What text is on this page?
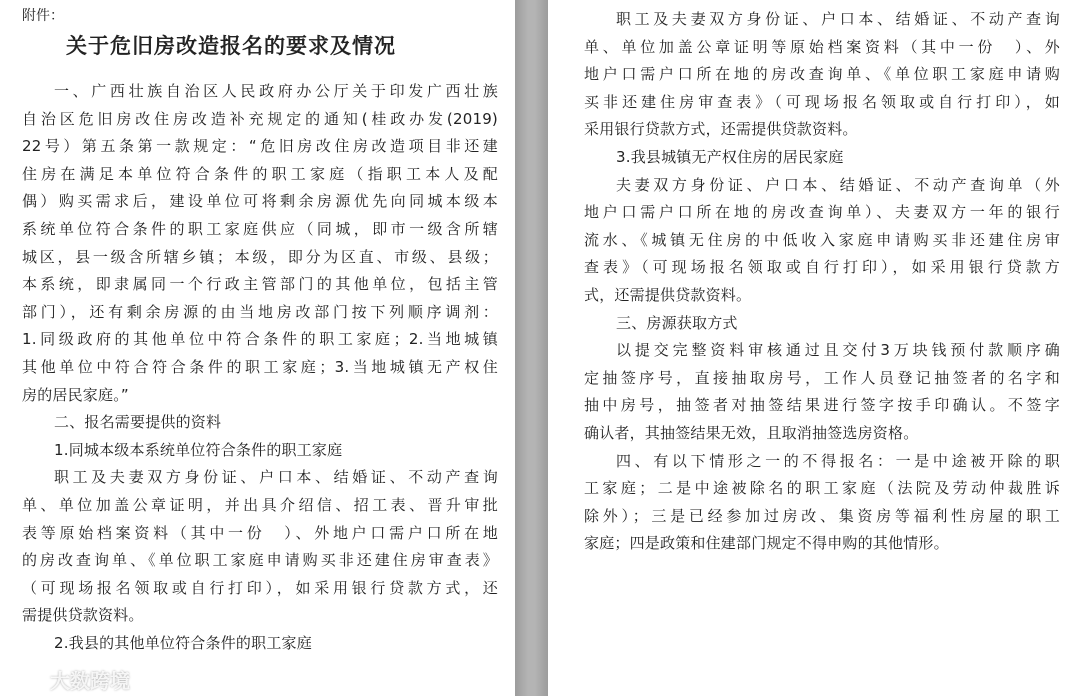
附件：
关于危旧房改造报名的要求及情况
一、广西壮族自治区人民政府办公厅关于印发广西壮族
自治区危旧房改住房改造补充规定的通知(桂政办发(2019)
22号）第五条第一款规定：“危旧房改住房改造项目非还建
住房在满足本单位符合条件的职工家庭（指职工本人及配
偶）购买需求后，建设单位可将剩余房源优先向同城本级本
系统单位符合条件的职工家庭供应（同城，即市一级含所辖
城区，县一级含所辖乡镇；本级，即分为区直、市级、县级；
本系统，即隶属同一个行政主管部门的其他单位，包括主管
部门），还有剩余房源的由当地房改部门按下列顺序调剂：
1.同级政府的其他单位中符合条件的职工家庭；2.当地城镇
其他单位中符合符合条件的职工家庭；3.当地城镇无产权住
房的居民家庭。”
二、报名需要提供的资料
1.同城本级本系统单位符合条件的职工家庭
职工及夫妻双方身份证、户口本、结婚证、不动产查询
单、单位加盖公章证明，并出具介绍信、招工表、晋升审批
表等原始档案资料（其中一份　）、外地户口需户口所在地
的房改查询单、《单位职工家庭申请购买非还建住房审查表》
（可现场报名领取或自行打印），如采用银行贷款方式，还
需提供贷款资料。
2.我县的其他单位符合条件的职工家庭
职工及夫妻双方身份证、户口本、结婚证、不动产查询
单、单位加盖公章证明等原始档案资料（其中一份　）、外
地户口需户口所在地的房改查询单、《单位职工家庭申请购
买非还建住房审查表》（可现场报名领取或自行打印），如
采用银行贷款方式，还需提供贷款资料。
3.我县城镇无产权住房的居民家庭
夫妻双方身份证、户口本、结婚证、不动产查询单（外
地户口需户口所在地的房改查询单）、夫妻双方一年的银行
流水、《城镇无住房的中低收入家庭申请购买非还建住房审
查表》（可现场报名领取或自行打印），如采用银行贷款方
式，还需提供贷款资料。
三、房源获取方式
以提交完整资料审核通过且交付3万块钱预付款顺序确
定抽签序号，直接抽取房号，工作人员登记抽签者的名字和
抽中房号，抽签者对抽签结果进行签字按手印确认。不签字
确认者，其抽签结果无效，且取消抽签选房资格。
四、有以下情形之一的不得报名：一是中途被开除的职
工家庭；二是中途被除名的职工家庭（法院及劳动仲裁胜诉
除外）；三是已经参加过房改、集资房等福利性房屋的职工
家庭；四是政策和住建部门规定不得申购的其他情形。
大数跨境
